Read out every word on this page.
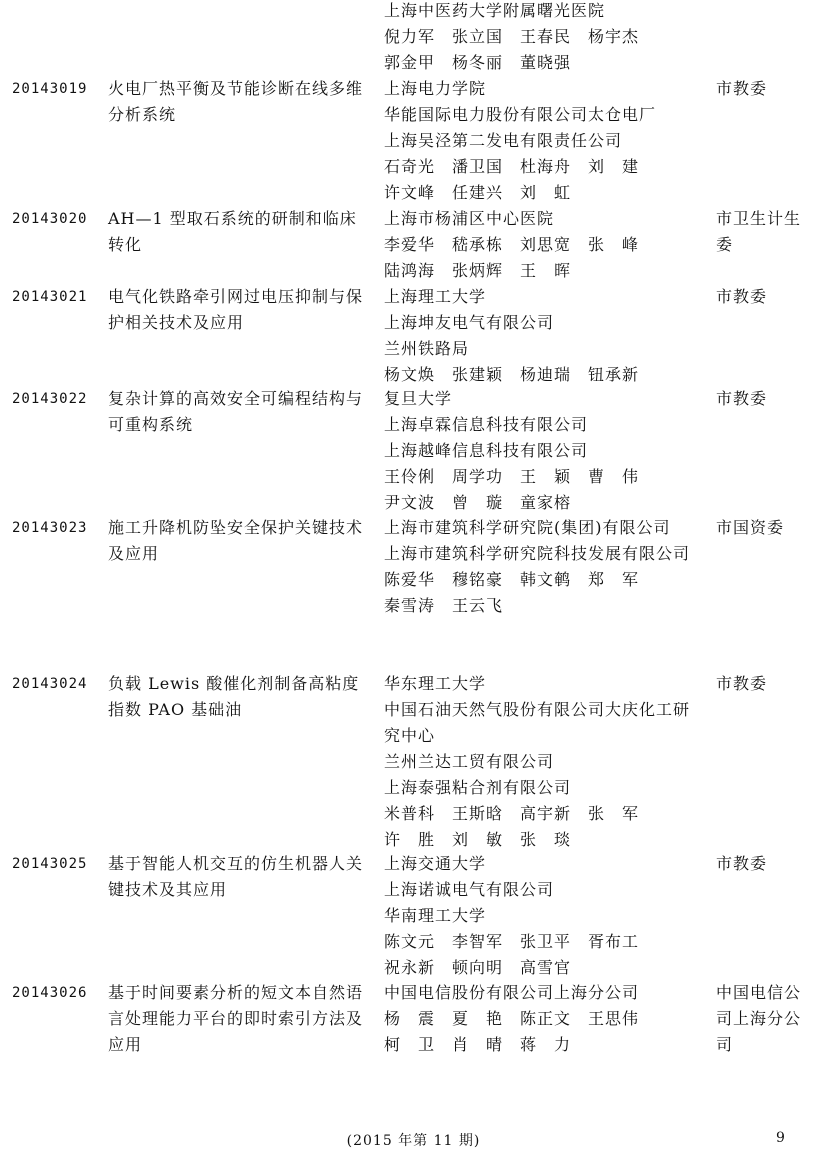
上海中医药大学附属曙光医院
倪力军　张立国　王春民　杨宇杰
郭金甲　杨冬丽　董晓强
20143019 火电厂热平衡及节能诊断在线多维分析系统
上海电力学院
华能国际电力股份有限公司太仓电厂
上海吴泾第二发电有限责任公司
石奇光　潘卫国　杜海舟　刘　建
许文峰　任建兴　刘　虹
市教委
20143020 AH—1 型取石系统的研制和临床转化
上海市杨浦区中心医院
李爱华　嵇承栋　刘思宽　张　峰
陆鸿海　张炳辉　王　晖
市卫生计生委
20143021 电气化铁路牵引网过电压抑制与保护相关技术及应用
上海理工大学
上海坤友电气有限公司
兰州铁路局
杨文焕　张建颖　杨迪瑞　钮承新
市教委
20143022 复杂计算的高效安全可编程结构与可重构系统
复旦大学
上海卓霖信息科技有限公司
上海越峰信息科技有限公司
王伶俐　周学功　王　颖　曹　伟
尹文波　曾　璇　童家榕
市教委
20143023 施工升降机防坠安全保护关键技术及应用
上海市建筑科学研究院(集团)有限公司
上海市建筑科学研究院科技发展有限公司
陈爱华　穆铭豪　韩文鹌　郑　军
秦雪涛　王云飞
市国资委
20143024 负载 Lewis 酸催化剂制备高粘度指数 PAO 基础油
华东理工大学
中国石油天然气股份有限公司大庆化工研究中心
兰州兰达工贸有限公司
上海泰强粘合剂有限公司
米普科　王斯晗　高宇新　张　军
许　胜　刘　敏　张　琰
市教委
20143025 基于智能人机交互的仿生机器人关键技术及其应用
上海交通大学
上海诺诚电气有限公司
华南理工大学
陈文元　李智军　张卫平　胥布工
祝永新　顿向明　高雪官
市教委
20143026 基于时间要素分析的短文本自然语言处理能力平台的即时索引方法及应用
中国电信股份有限公司上海分公司
杨　震　夏　艳　陈正文　王思伟
柯　卫　肖　晴　蒋　力
中国电信公司上海分公司
(2015 年第 11 期)	9
